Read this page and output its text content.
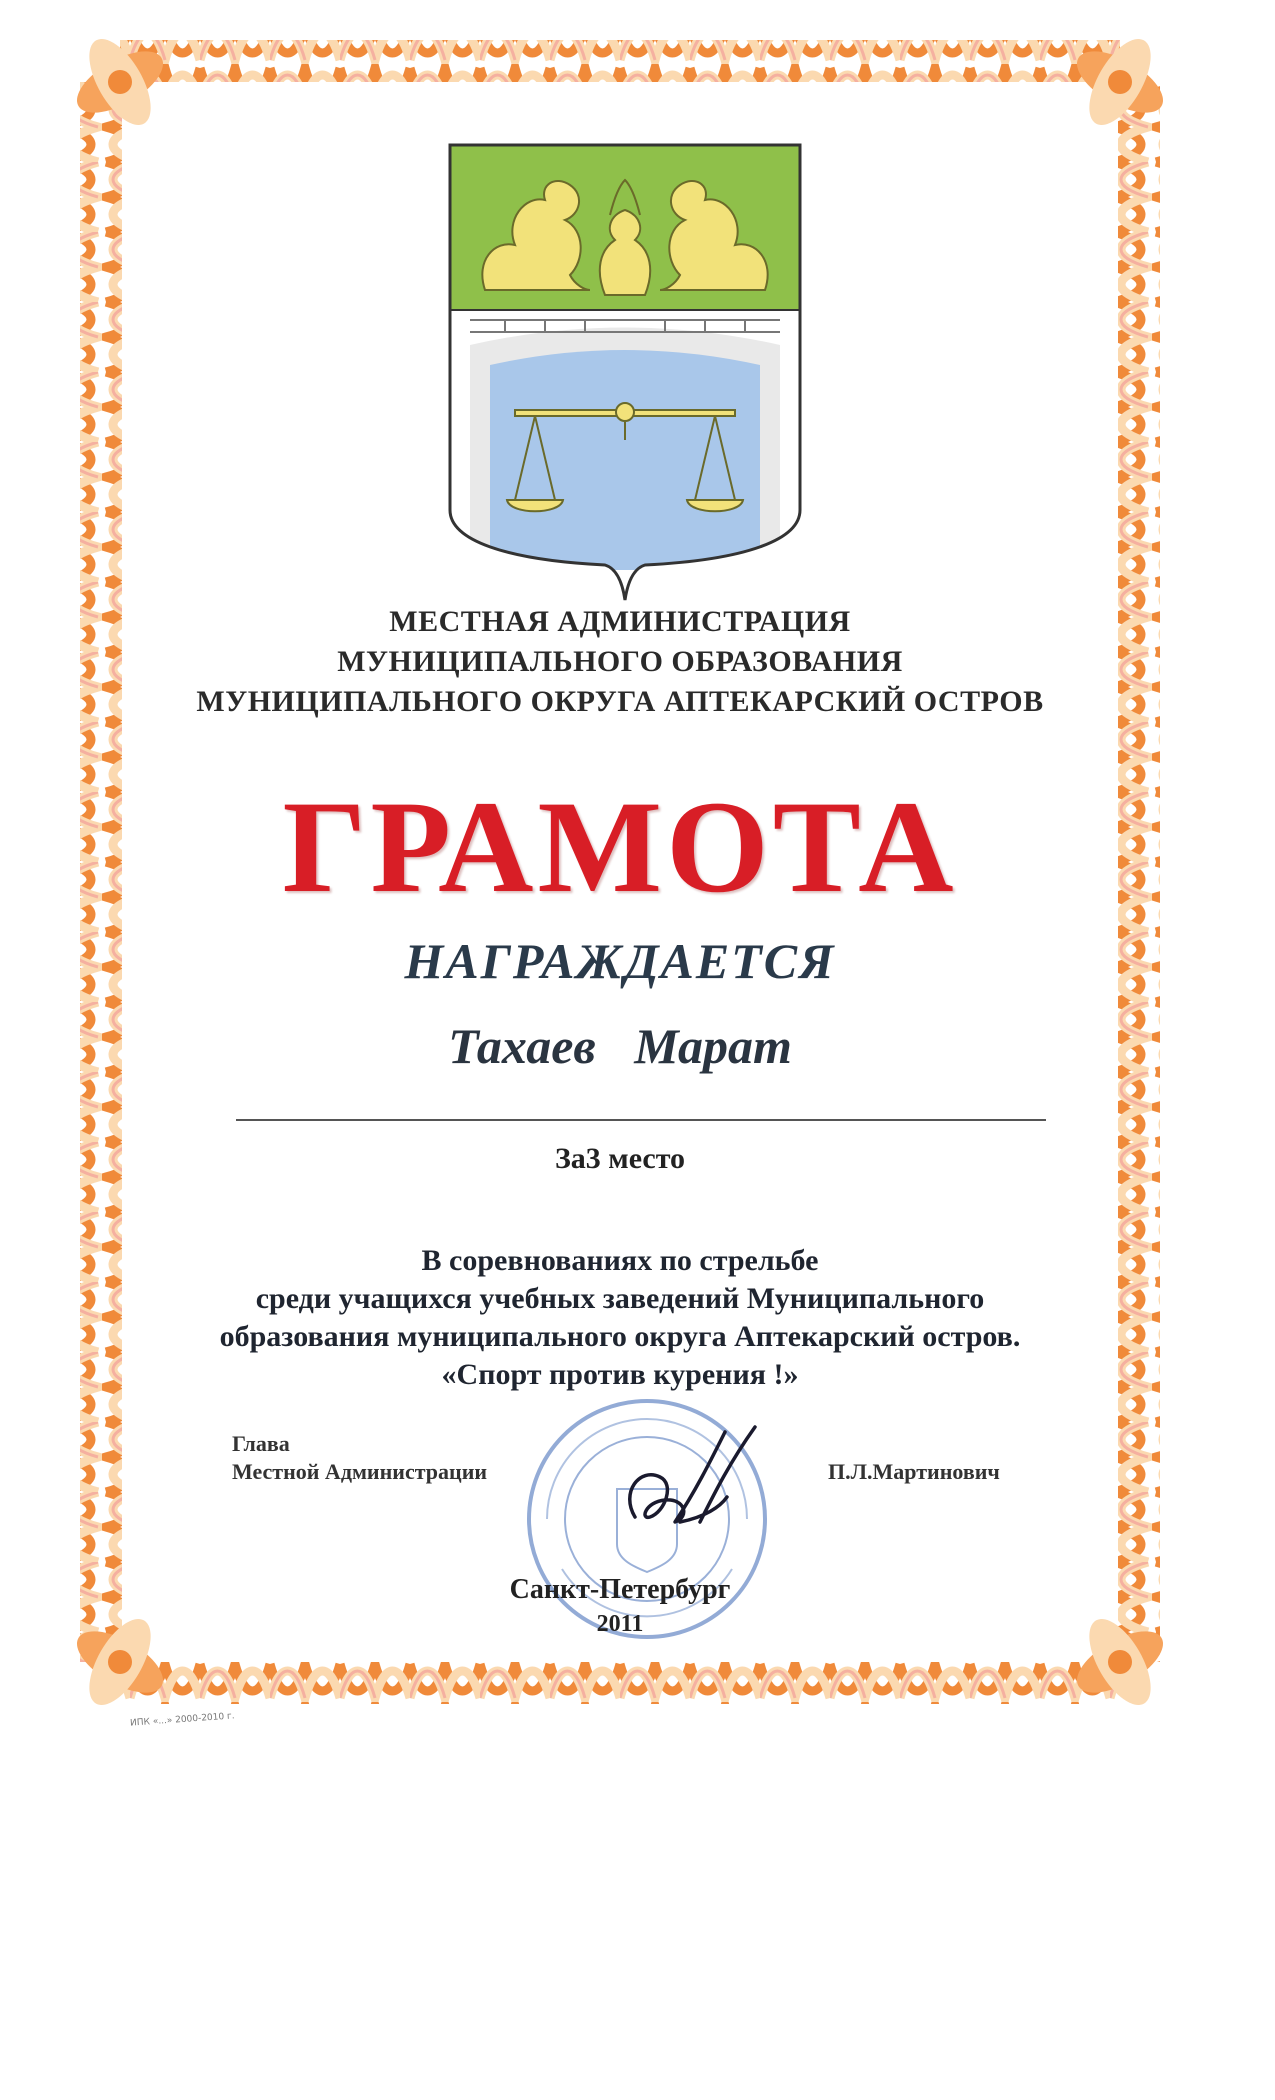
МЕСТНАЯ АДМИНИСТРАЦИЯ
МУНИЦИПАЛЬНОГО ОБРАЗОВАНИЯ
МУНИЦИПАЛЬНОГО ОКРУГА АПТЕКАРСКИЙ ОСТРОВ
ГРАМОТА
НАГРАЖДАЕТСЯ
Тахаев Марат
За3 место
В соревнованиях по стрельбе
среди учащихся учебных заведений Муниципального
образования муниципального округа Аптекарский остров.
«Спорт против курения !»
Глава
Местной Администрации	П.Л.Мартинович
Санкт-Петербург
2011
ИПК «...» 2000-2010 г.
